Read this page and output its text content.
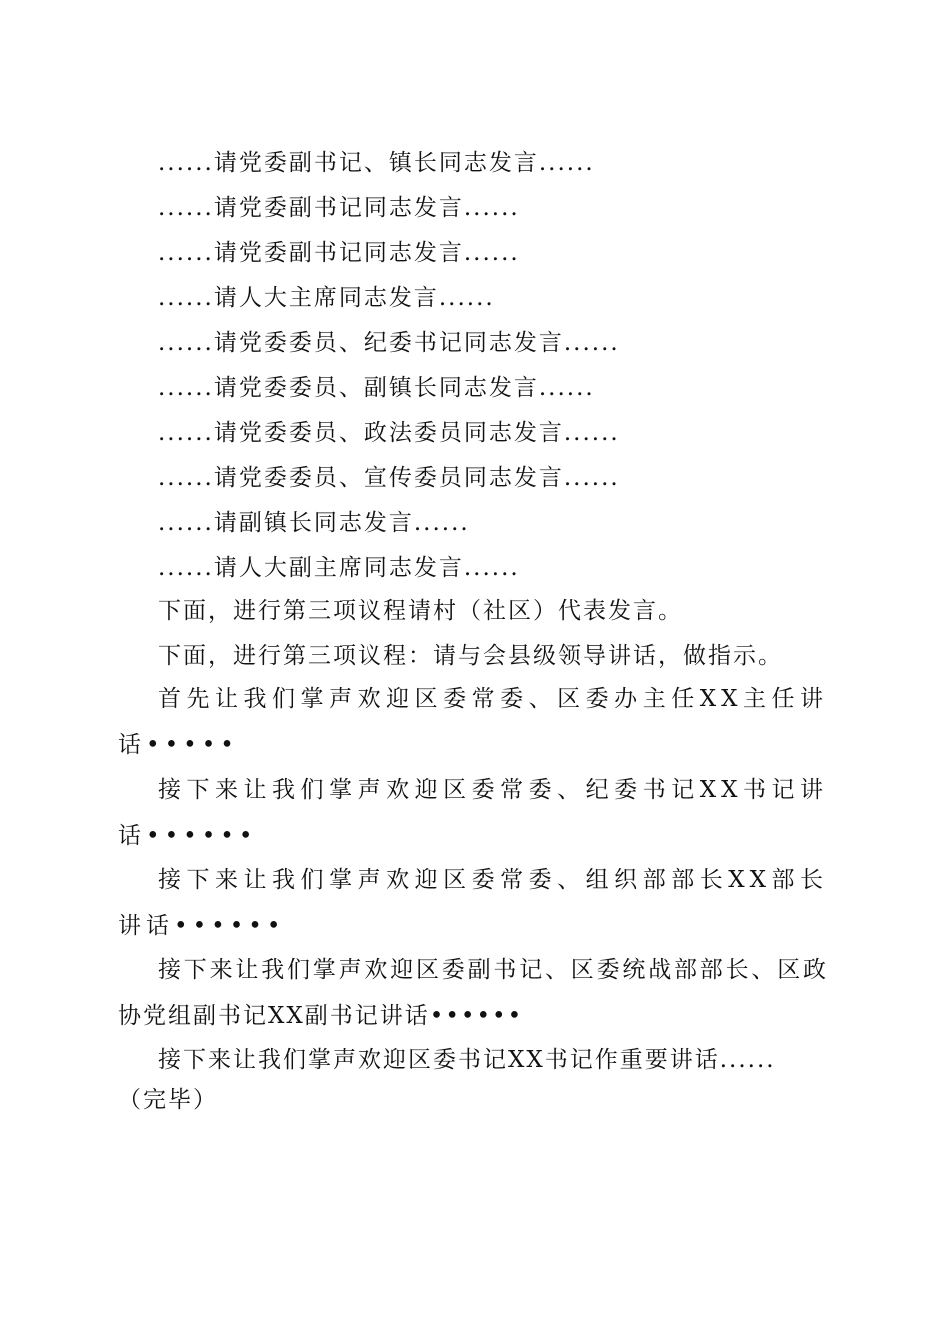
......请党委副书记、镇长同志发言......
......请党委副书记同志发言......
......请党委副书记同志发言......
......请人大主席同志发言......
......请党委委员、纪委书记同志发言......
......请党委委员、副镇长同志发言......
......请党委委员、政法委员同志发言......
......请党委委员、宣传委员同志发言......
......请副镇长同志发言......
......请人大副主席同志发言......
下面，进行第三项议程请村（社区）代表发言。
下面，进行第三项议程：请与会县级领导讲话，做指示。
首先让我们掌声欢迎区委常委、区委办主任XX主任讲话•••••
接下来让我们掌声欢迎区委常委、纪委书记XX书记讲话••••••
接下来让我们掌声欢迎区委常委、组织部部长XX部长讲话••••••
接下来让我们掌声欢迎区委副书记、区委统战部部长、区政协党组副书记XX副书记讲话••••••
接下来让我们掌声欢迎区委书记XX书记作重要讲话......
（完毕）
